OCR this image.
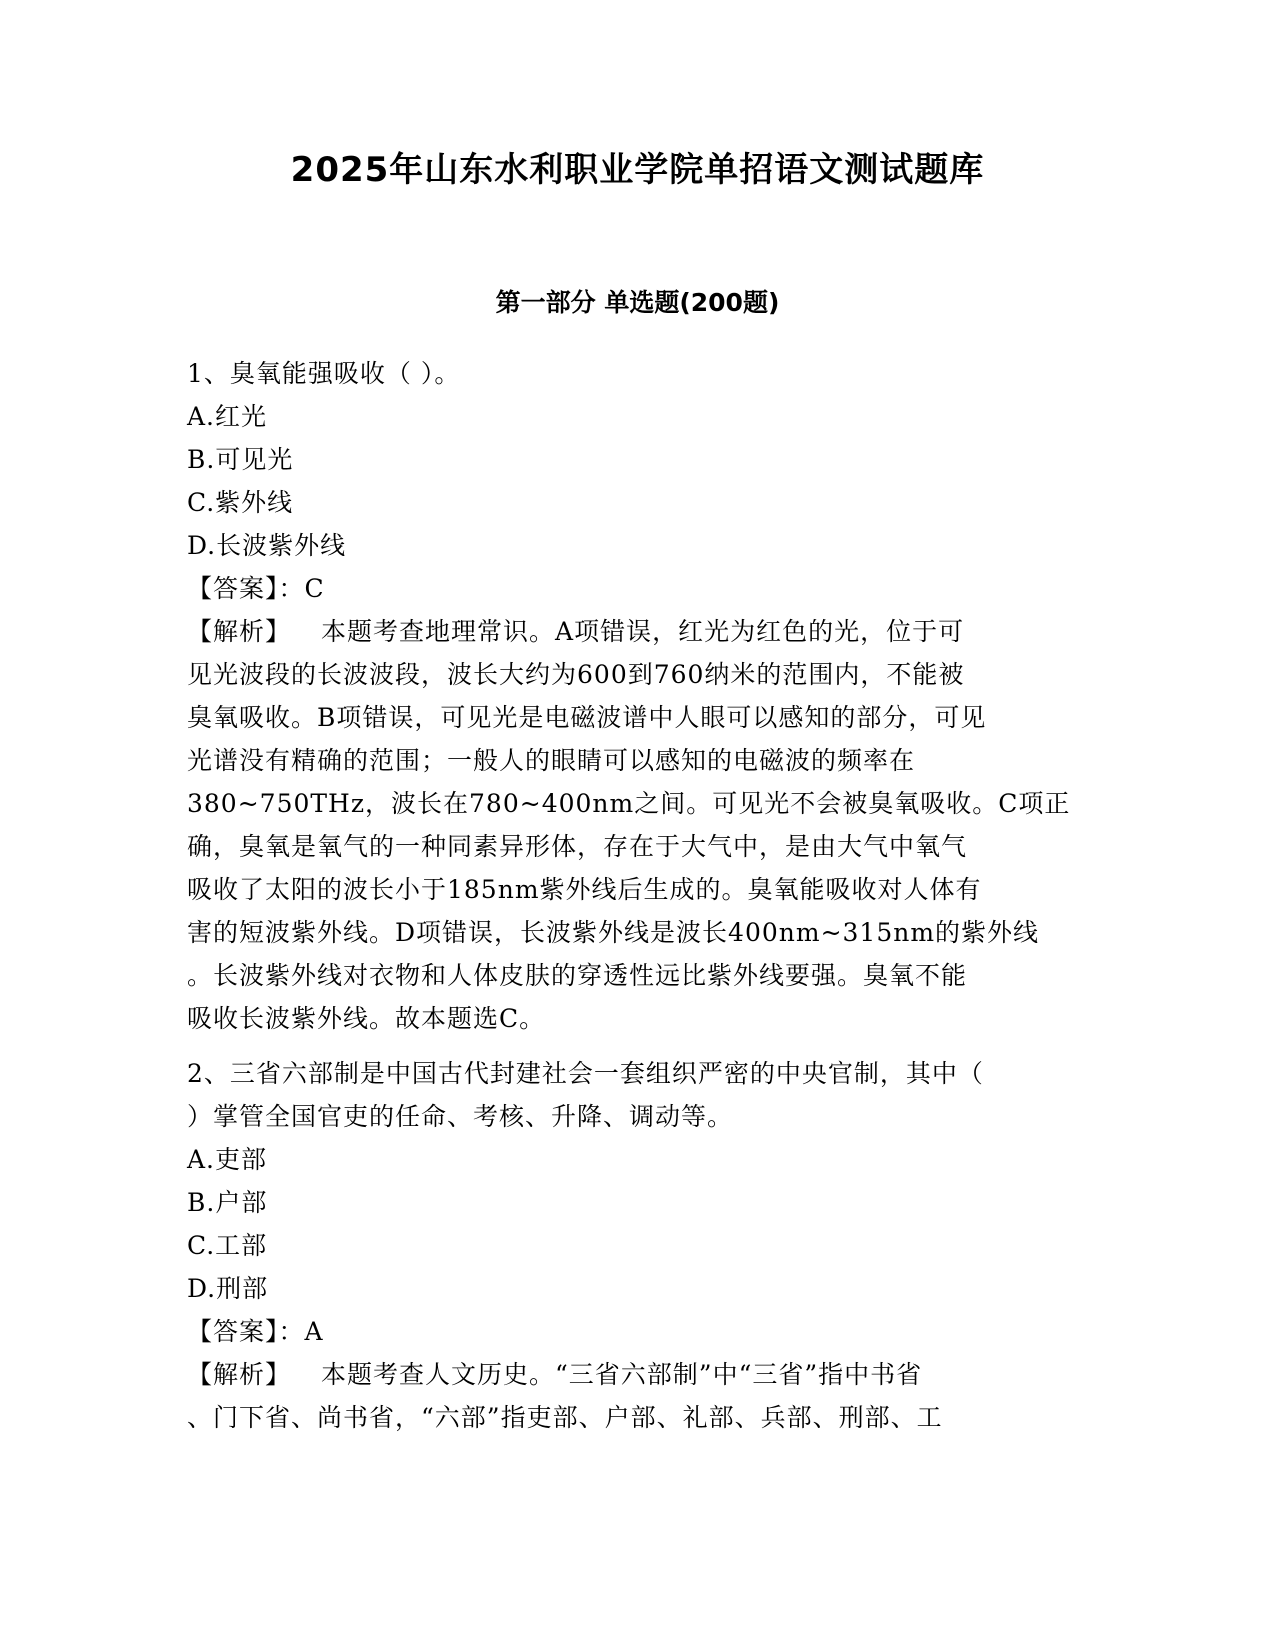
2025年山东水利职业学院单招语文测试题库
第一部分 单选题(200题)
1、臭氧能强吸收（ ）。
A.红光
B.可见光
C.紫外线
D.长波紫外线
【答案】：C
【解析】 本题考查地理常识。A项错误，红光为红色的光，位于可
见光波段的长波波段，波长大约为600到760纳米的范围内，不能被
臭氧吸收。B项错误，可见光是电磁波谱中人眼可以感知的部分，可见
光谱没有精确的范围；一般人的眼睛可以感知的电磁波的频率在
380~750THz，波长在780~400nm之间。可见光不会被臭氧吸收。C项正
确，臭氧是氧气的一种同素异形体，存在于大气中，是由大气中氧气
吸收了太阳的波长小于185nm紫外线后生成的。臭氧能吸收对人体有
害的短波紫外线。D项错误，长波紫外线是波长400nm~315nm的紫外线
。长波紫外线对衣物和人体皮肤的穿透性远比紫外线要强。臭氧不能
吸收长波紫外线。故本题选C。
2、三省六部制是中国古代封建社会一套组织严密的中央官制，其中（
）掌管全国官吏的任命、考核、升降、调动等。
A.吏部
B.户部
C.工部
D.刑部
【答案】：A
【解析】 本题考查人文历史。“三省六部制”中“三省”指中书省
、门下省、尚书省，“六部”指吏部、户部、礼部、兵部、刑部、工
